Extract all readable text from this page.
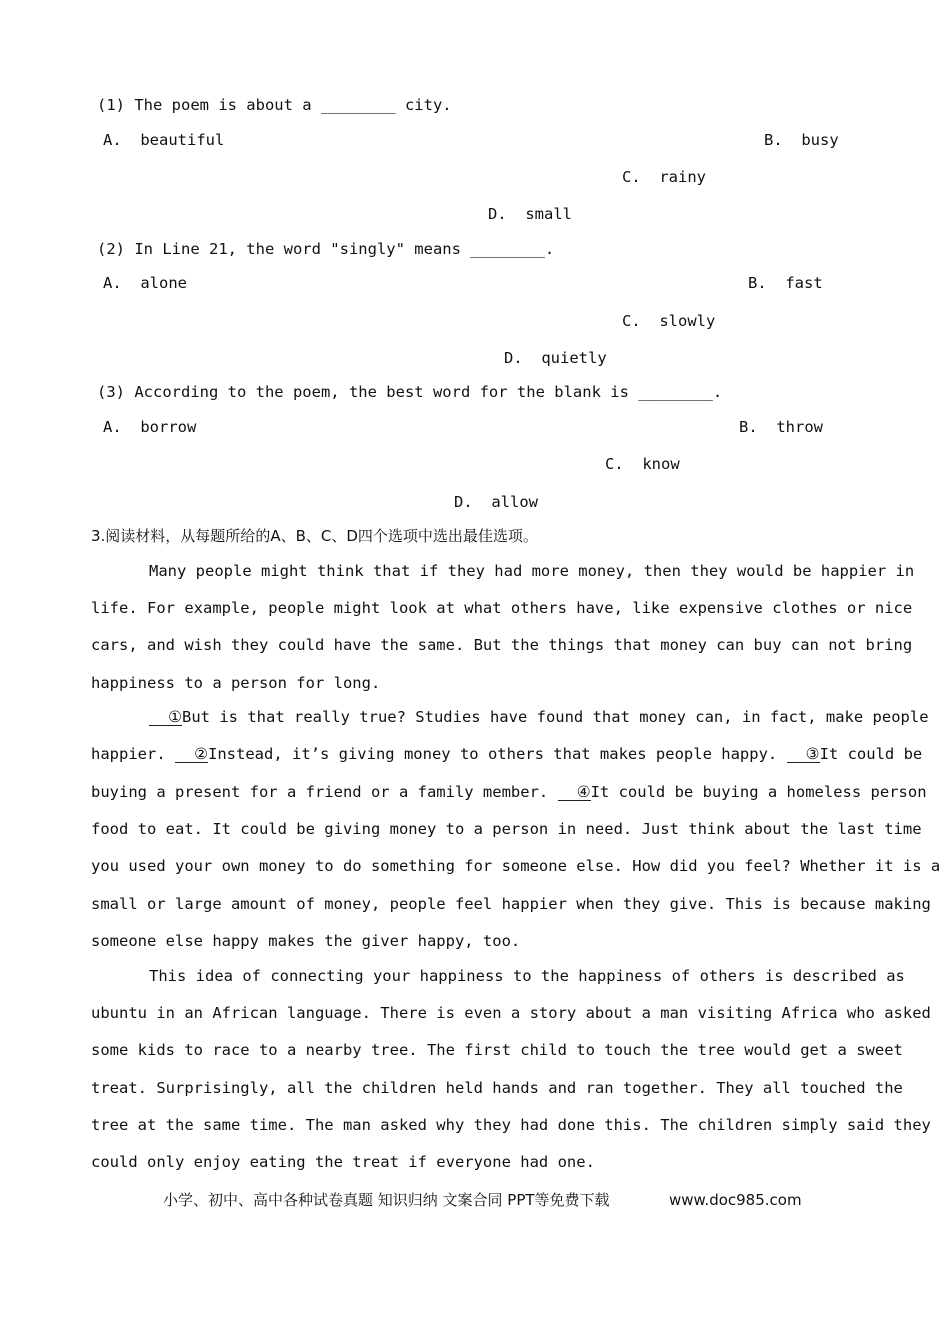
(1) The poem is about a ________ city.
A.  beautiful	B.  busy
C.  rainy
D.  small
(2) In Line 21, the word "singly" means ________.
A.  alone	B.  fast
C.  slowly
D.  quietly
(3) According to the poem, the best word for the blank is ________.
A.  borrow	B.  throw
C.  know
D.  allow
3.阅读材料，从每题所给的A、B、C、D四个选项中选出最佳选项。
Many people might think that if they had more money, then they would be happier in
life. For example, people might look at what others have, like expensive clothes or nice
cars, and wish they could have the same. But the things that money can buy can not bring
happiness to a person for long.
①But is that really true? Studies have found that money can, in fact, make people
happier. ②Instead, it’s giving money to others that makes people happy. ③It could be
buying a present for a friend or a family member. ④It could be buying a homeless person
food to eat. It could be giving money to a person in need. Just think about the last time
you used your own money to do something for someone else. How did you feel? Whether it is a
small or large amount of money, people feel happier when they give. This is because making
someone else happy makes the giver happy, too.
This idea of connecting your happiness to the happiness of others is described as
ubuntu in an African language. There is even a story about a man visiting Africa who asked
some kids to race to a nearby tree. The first child to touch the tree would get a sweet
treat. Surprisingly, all the children held hands and ran together. They all touched the
tree at the same time. The man asked why they had done this. The children simply said they
could only enjoy eating the treat if everyone had one.
小学、初中、高中各种试卷真题 知识归纳 文案合同 PPT等免费下载	www.doc985.com
